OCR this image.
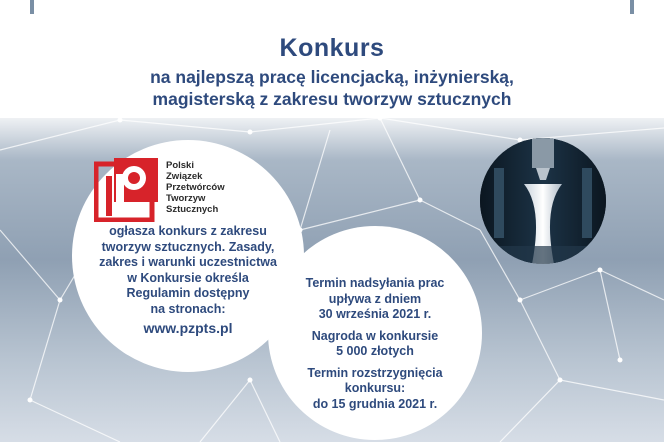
Konkurs
na najlepszą pracę licencjacką, inżynierską,
magisterską z zakresu tworzyw sztucznych
Polski
Związek
Przetwórców
Tworzyw
Sztucznych
ogłasza konkurs z zakresu
tworzyw sztucznych. Zasady,
zakres i warunki uczestnictwa
w Konkursie określa
Regulamin dostępny
na stronach:
www.pzpts.pl
Termin nadsyłania prac
upływa z dniem
30 września 2021 r.
Nagroda w konkursie
5 000 złotych
Termin rozstrzygnięcia
konkursu:
do 15 grudnia 2021 r.
